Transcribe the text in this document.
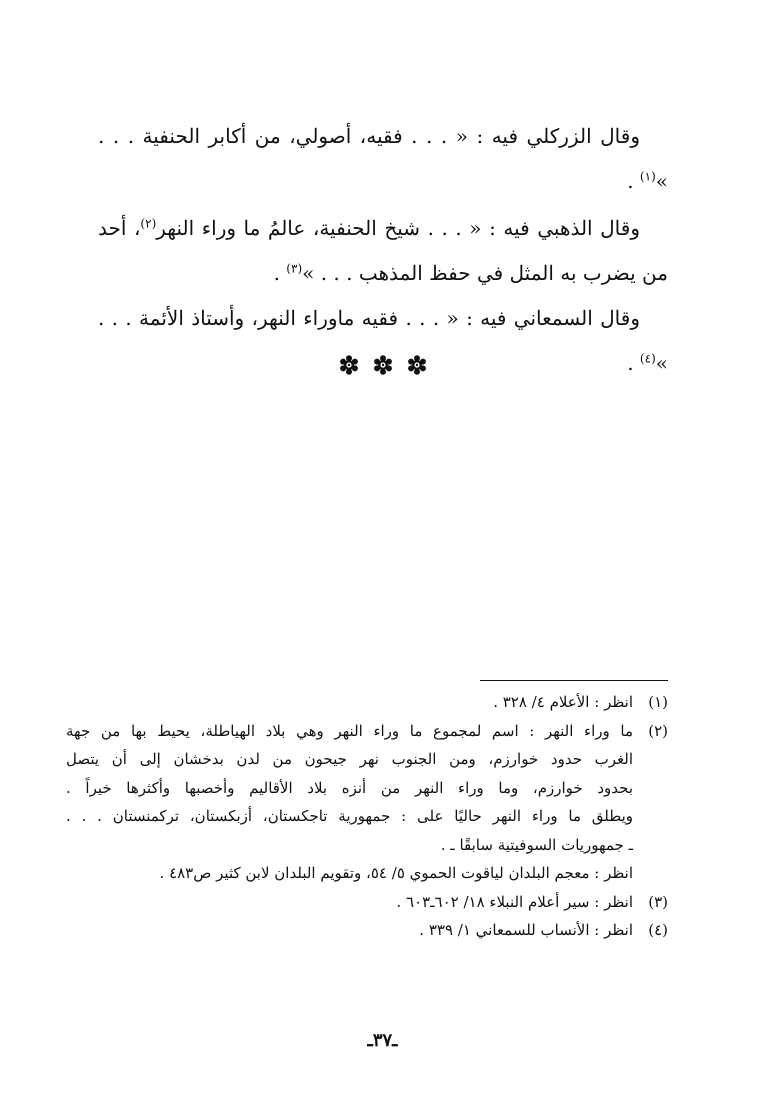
وقال الزركلي فيه : « . . . فقيه، أصولي، من أكابر الحنفية . . . »$^{(١)}$ .

وقال الذهبي فيه : « . . . شيخ الحنفية، عالمُ ما وراء النهر$^{(٢)}$، أحد من يضرب به المثل في حفظ المذهب . . . »$^{(٣)}$ .

وقال السمعاني فيه : « . . . فقيه ماوراء النهر، وأستاذ الأئمة . . . »$^{(٤)}$ .

(١)
انظر : الأعلام ٤/ ٣٢٨ .
(٢)
ما وراء النهر : اسم لمجموع ما وراء النهر وهي بلاد الهياطلة، يحيط بها من جهة
الغرب حدود خوارزم، ومن الجنوب نهر جيحون من لدن بدخشان إلى أن يتصل
بحدود خوارزم، وما وراء النهر من أنزه بلاد الأقاليم وأخصبها وأكثرها خيراً .
ويطلق ما وراء النهر حاليًا على : جمهورية تاجكستان، أزبكستان، تركمنستان . . .
ـ جمهوريات السوفيتية سابقًا ـ .
انظر : معجم البلدان لياقوت الحموي ٥/ ٥٤، وتقويم البلدان لابن كثير ص٤٨٣ .
(٣)
انظر : سير أعلام النبلاء ١٨/ ٦٠٢ـ٦٠٣ .
(٤)
انظر : الأنساب للسمعاني ١/ ٣٣٩ .
ـ٣٧ـ
